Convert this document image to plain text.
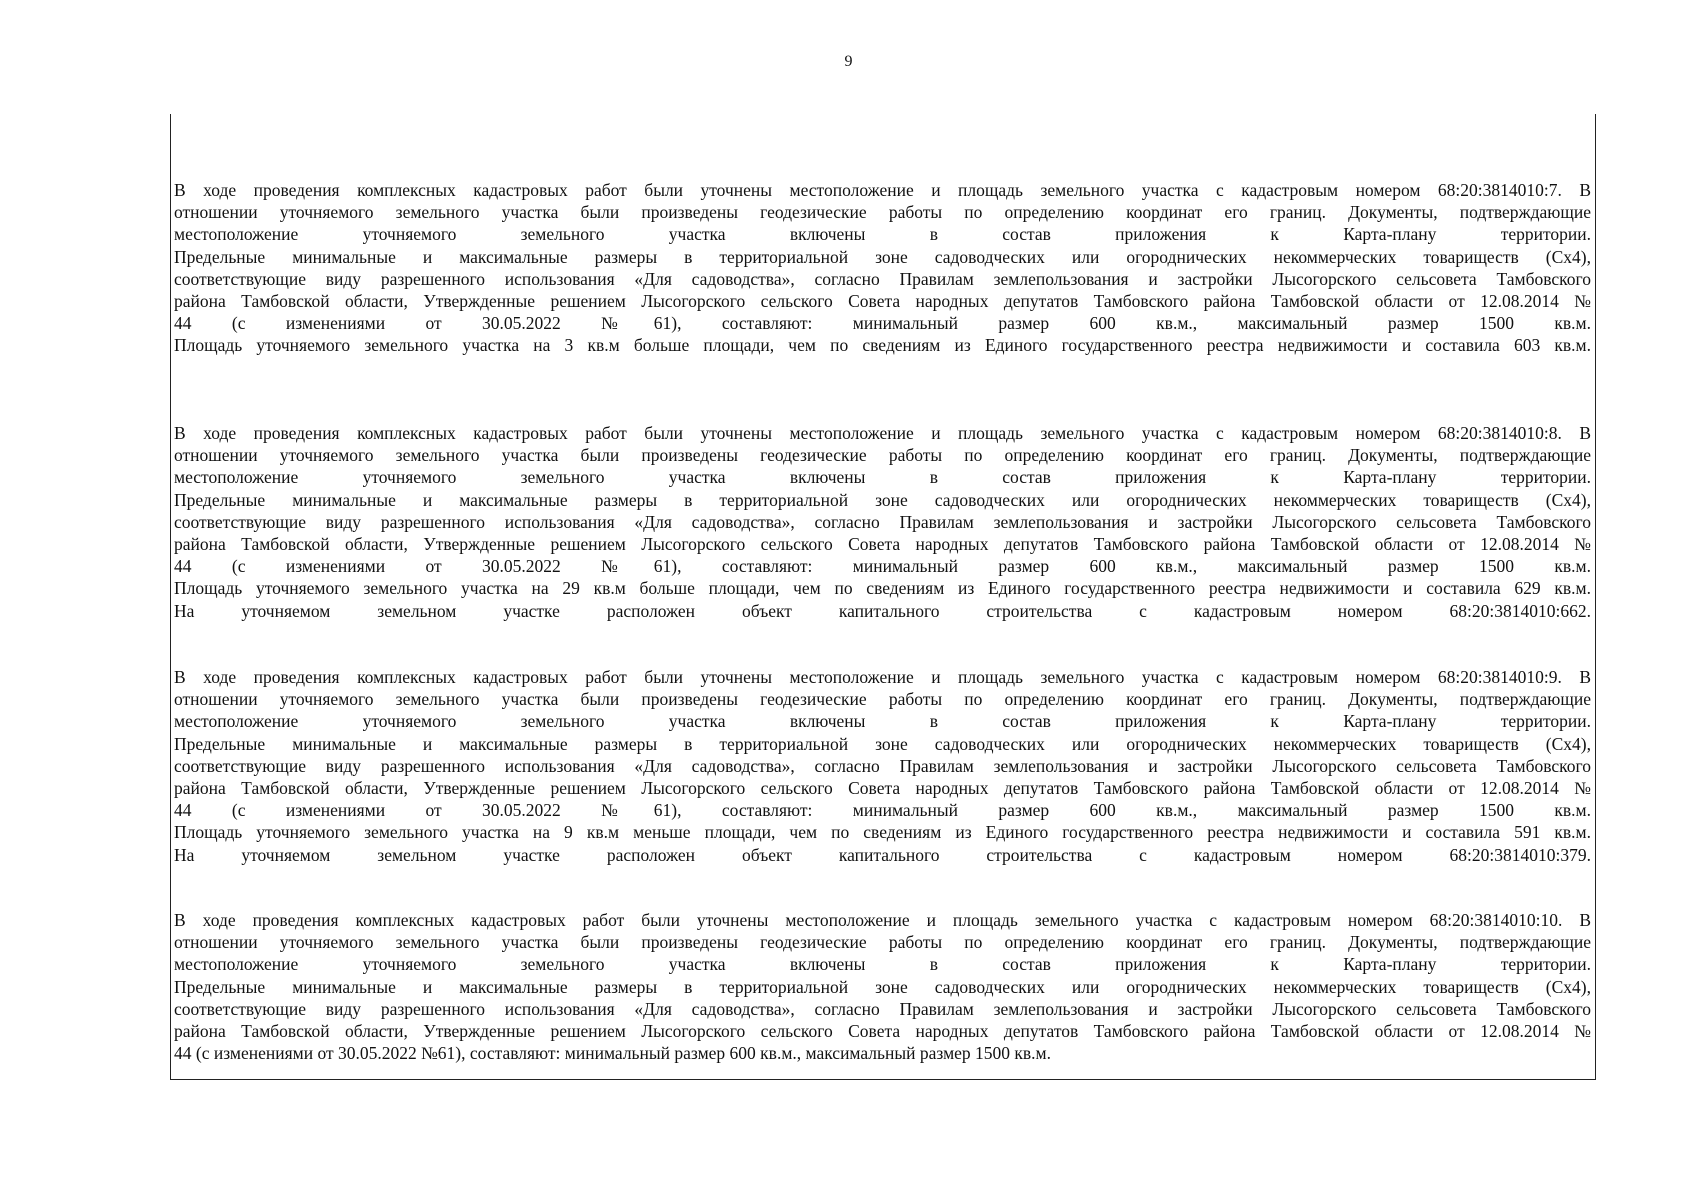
9
В ходе проведения комплексных кадастровых работ были уточнены местоположение и площадь земельного участка с кадастровым номером 68:20:3814010:7. В
отношении уточняемого земельного участка были произведены геодезические работы по определению координат его границ. Документы, подтверждающие
местоположение уточняемого земельного участка включены в состав приложения к Карта-плану территории.
Предельные минимальные и максимальные размеры в территориальной зоне садоводческих или огороднических некоммерческих товариществ (Сх4),
соответствующие виду разрешенного использования «Для садоводства», согласно Правилам землепользования и застройки Лысогорского сельсовета Тамбовского
района Тамбовской области, Утвержденные решением Лысогорского сельского Совета народных депутатов Тамбовского района Тамбовской области от 12.08.2014 №
44 (с изменениями от 30.05.2022 №61), составляют: минимальный размер 600 кв.м., максимальный размер 1500 кв.м.
Площадь уточняемого земельного участка на 3 кв.м больше площади, чем по сведениям из Единого государственного реестра недвижимости и составила 603 кв.м.
В ходе проведения комплексных кадастровых работ были уточнены местоположение и площадь земельного участка с кадастровым номером 68:20:3814010:8. В
отношении уточняемого земельного участка были произведены геодезические работы по определению координат его границ. Документы, подтверждающие
местоположение уточняемого земельного участка включены в состав приложения к Карта-плану территории.
Предельные минимальные и максимальные размеры в территориальной зоне садоводческих или огороднических некоммерческих товариществ (Сх4),
соответствующие виду разрешенного использования «Для садоводства», согласно Правилам землепользования и застройки Лысогорского сельсовета Тамбовского
района Тамбовской области, Утвержденные решением Лысогорского сельского Совета народных депутатов Тамбовского района Тамбовской области от 12.08.2014 №
44 (с изменениями от 30.05.2022 №61), составляют: минимальный размер 600 кв.м., максимальный размер 1500 кв.м.
Площадь уточняемого земельного участка на 29 кв.м больше площади, чем по сведениям из Единого государственного реестра недвижимости и составила 629 кв.м.
На уточняемом земельном участке расположен объект капитального строительства с кадастровым номером 68:20:3814010:662.
В ходе проведения комплексных кадастровых работ были уточнены местоположение и площадь земельного участка с кадастровым номером 68:20:3814010:9. В
отношении уточняемого земельного участка были произведены геодезические работы по определению координат его границ. Документы, подтверждающие
местоположение уточняемого земельного участка включены в состав приложения к Карта-плану территории.
Предельные минимальные и максимальные размеры в территориальной зоне садоводческих или огороднических некоммерческих товариществ (Сх4),
соответствующие виду разрешенного использования «Для садоводства», согласно Правилам землепользования и застройки Лысогорского сельсовета Тамбовского
района Тамбовской области, Утвержденные решением Лысогорского сельского Совета народных депутатов Тамбовского района Тамбовской области от 12.08.2014 №
44 (с изменениями от 30.05.2022 №61), составляют: минимальный размер 600 кв.м., максимальный размер 1500 кв.м.
Площадь уточняемого земельного участка на 9 кв.м меньше площади, чем по сведениям из Единого государственного реестра недвижимости и составила 591 кв.м.
На уточняемом земельном участке расположен объект капитального строительства с кадастровым номером 68:20:3814010:379.
В ходе проведения комплексных кадастровых работ были уточнены местоположение и площадь земельного участка с кадастровым номером 68:20:3814010:10. В
отношении уточняемого земельного участка были произведены геодезические работы по определению координат его границ. Документы, подтверждающие
местоположение уточняемого земельного участка включены в состав приложения к Карта-плану территории.
Предельные минимальные и максимальные размеры в территориальной зоне садоводческих или огороднических некоммерческих товариществ (Сх4),
соответствующие виду разрешенного использования «Для садоводства», согласно Правилам землепользования и застройки Лысогорского сельсовета Тамбовского
района Тамбовской области, Утвержденные решением Лысогорского сельского Совета народных депутатов Тамбовского района Тамбовской области от 12.08.2014 №
44 (с изменениями от 30.05.2022 №61), составляют: минимальный размер 600 кв.м., максимальный размер 1500 кв.м.
